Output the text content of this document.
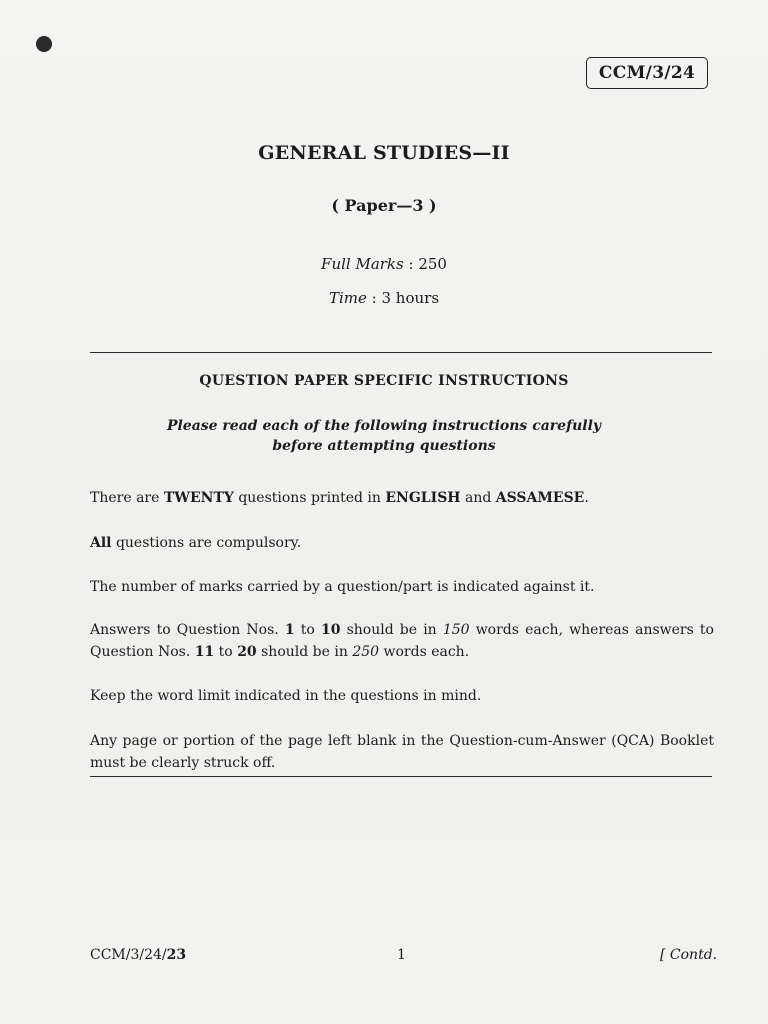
CCM/3/24
GENERAL STUDIES—II
( Paper—3 )
Full Marks : 250
Time : 3 hours
QUESTION PAPER SPECIFIC INSTRUCTIONS
Please read each of the following instructions carefully
before attempting questions
There are TWENTY questions printed in ENGLISH and ASSAMESE.
All questions are compulsory.
The number of marks carried by a question/part is indicated against it.
Answers to Question Nos. 1 to 10 should be in 150 words each, whereas answers to Question Nos. 11 to 20 should be in 250 words each.
Keep the word limit indicated in the questions in mind.
Any page or portion of the page left blank in the Question-cum-Answer (QCA) Booklet must be clearly struck off.
CCM/3/24/23	1	[ Contd.
